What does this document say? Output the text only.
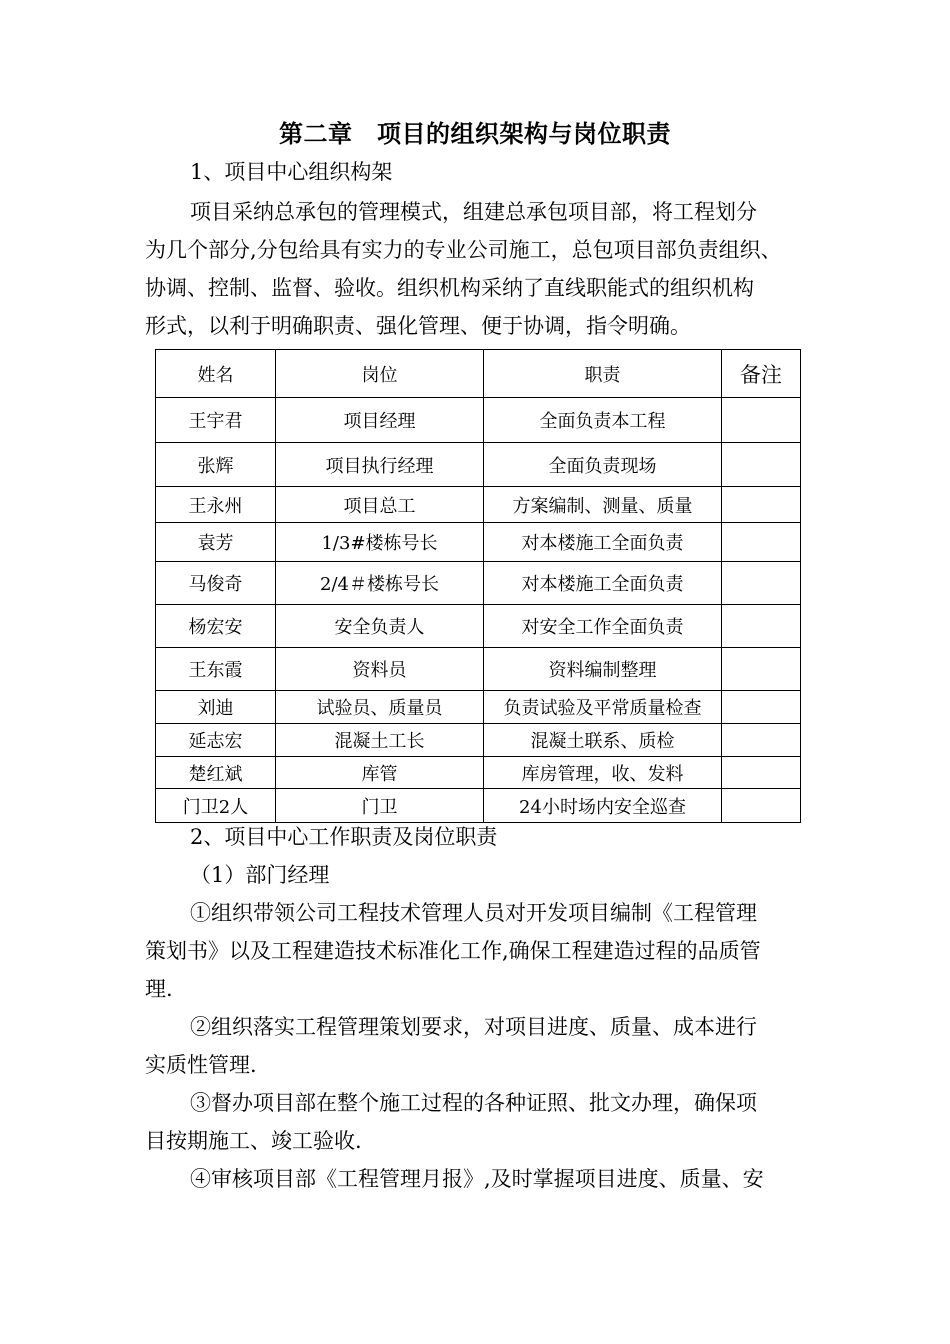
第二章　项目的组织架构与岗位职责
1、项目中心组织构架
项目采纳总承包的管理模式，组建总承包项目部，将工程划分
为几个部分,分包给具有实力的专业公司施工，总包项目部负责组织、
协调、控制、监督、验收。组织机构采纳了直线职能式的组织机构
形式，以利于明确职责、强化管理、便于协调，指令明确。
姓名	岗位	职责	备注
王宇君	项目经理	全面负责本工程	
张辉	项目执行经理	全面负责现场	
王永州	项目总工	方案编制、测量、质量	
袁芳	1/3#楼栋号长	对本楼施工全面负责	
马俊奇	2/4＃楼栋号长	对本楼施工全面负责	
杨宏安	安全负责人	对安全工作全面负责	
王东霞	资料员	资料编制整理	
刘迪	试验员、质量员	负责试验及平常质量检查	
延志宏	混凝土工长	混凝土联系、质检	
楚红斌	库管	库房管理，收、发料	
门卫2人	门卫	24小时场内安全巡查	
2、项目中心工作职责及岗位职责
（1）部门经理
①组织带领公司工程技术管理人员对开发项目编制《工程管理
策划书》以及工程建造技术标准化工作,确保工程建造过程的品质管
理.
②组织落实工程管理策划要求，对项目进度、质量、成本进行
实质性管理.
③督办项目部在整个施工过程的各种证照、批文办理，确保项
目按期施工、竣工验收.
④审核项目部《工程管理月报》,及时掌握项目进度、质量、安
